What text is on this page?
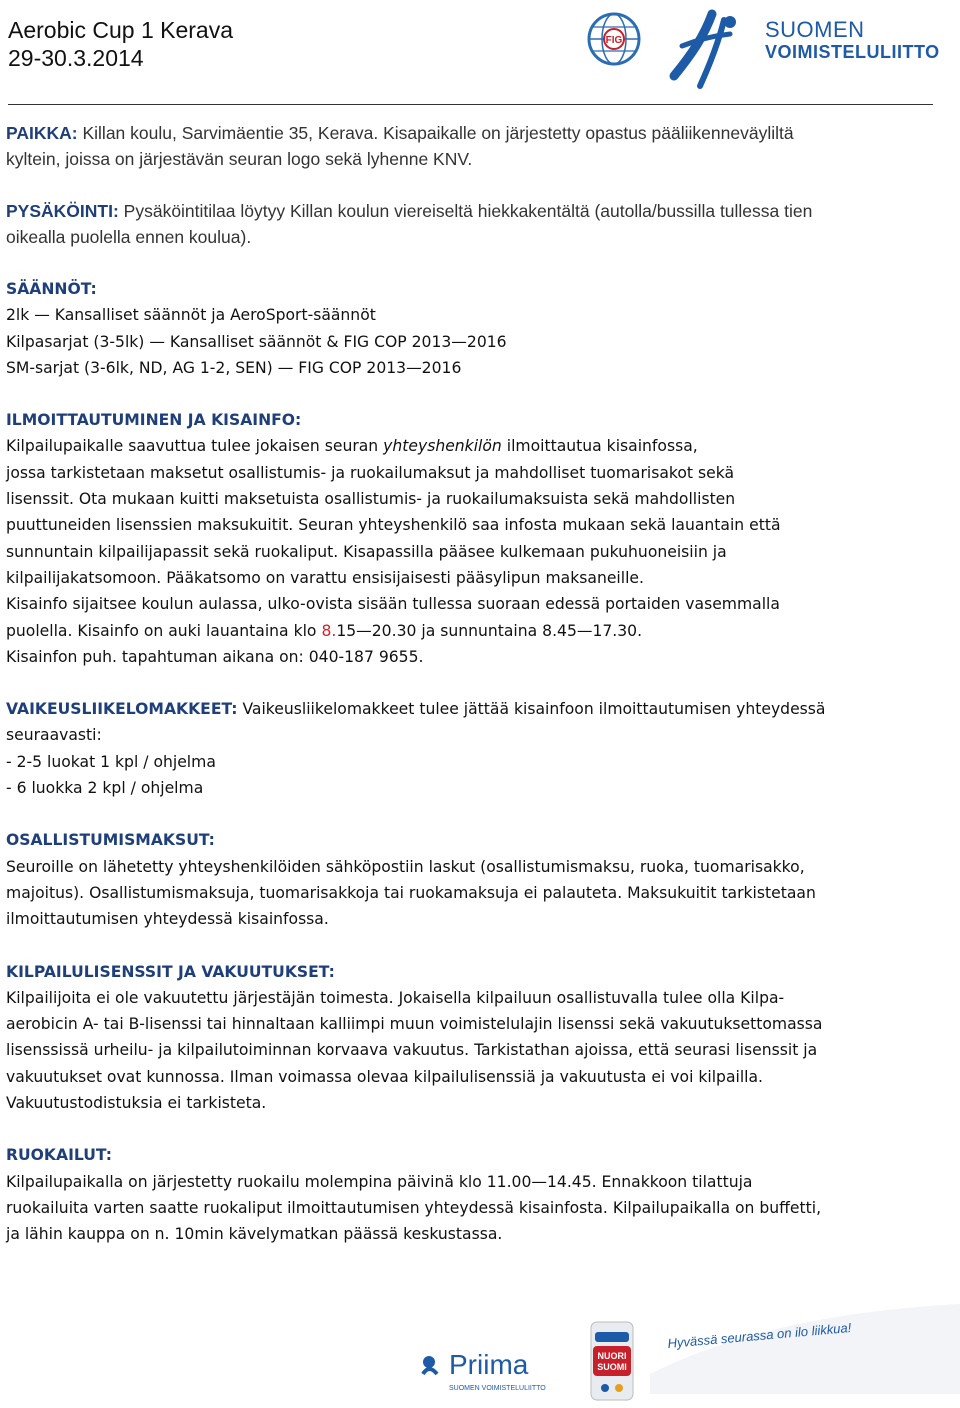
Aerobic Cup 1 Kerava
29-30.3.2014
FIG	SUOMEN
VOIMISTELULIITTO
PAIKKA: Killan koulu, Sarvimäentie 35, Kerava. Kisapaikalle on järjestetty opastus pääliikenneväyliltä
kyltein, joissa on järjestävän seuran logo sekä lyhenne KNV.
PYSÄKÖINTI: Pysäköintitilaa löytyy Killan koulun viereiseltä hiekkakentältä (autolla/bussilla tullessa tien
oikealla puolella ennen koulua).
SÄÄNNÖT:
2lk — Kansalliset säännöt ja AeroSport-säännöt
Kilpasarjat (3-5lk) — Kansalliset säännöt & FIG COP 2013—2016
SM-sarjat (3-6lk, ND, AG 1-2, SEN) — FIG COP 2013—2016
ILMOITTAUTUMINEN JA KISAINFO:
Kilpailupaikalle saavuttua tulee jokaisen seuran yhteyshenkilön ilmoittautua kisainfossa,
jossa tarkistetaan maksetut osallistumis- ja ruokailumaksut ja mahdolliset tuomarisakot sekä
lisenssit. Ota mukaan kuitti maksetuista osallistumis- ja ruokailumaksuista sekä mahdollisten
puuttuneiden lisenssien maksukuitit. Seuran yhteyshenkilö saa infosta mukaan sekä lauantain että
sunnuntain kilpailijapassit sekä ruokaliput. Kisapassilla pääsee kulkemaan pukuhuoneisiin ja
kilpailijakatsomoon. Pääkatsomo on varattu ensisijaisesti pääsylipun maksaneille.
Kisainfo sijaitsee koulun aulassa, ulko-ovista sisään tullessa suoraan edessä portaiden vasemmalla
puolella. Kisainfo on auki lauantaina klo 8.15—20.30 ja sunnuntaina 8.45—17.30.
Kisainfon puh. tapahtuman aikana on: 040-187 9655.
VAIKEUSLIIKELOMAKKEET: Vaikeusliikelomakkeet tulee jättää kisainfoon ilmoittautumisen yhteydessä
seuraavasti:
- 2-5 luokat 1 kpl / ohjelma
- 6 luokka 2 kpl / ohjelma
OSALLISTUMISMAKSUT:
Seuroille on lähetetty yhteyshenkilöiden sähköpostiin laskut (osallistumismaksu, ruoka, tuomarisakko,
majoitus). Osallistumismaksuja, tuomarisakkoja tai ruokamaksuja ei palauteta. Maksukuitit tarkistetaan
ilmoittautumisen yhteydessä kisainfossa.
KILPAILULISENSSIT JA VAKUUTUKSET:
Kilpailijoita ei ole vakuutettu järjestäjän toimesta. Jokaisella kilpailuun osallistuvalla tulee olla Kilpa-
aerobicin A- tai B-lisenssi tai hinnaltaan kalliimpi muun voimistelulajin lisenssi sekä vakuutuksettomassa
lisenssissä urheilu- ja kilpailutoiminnan korvaava vakuutus. Tarkistathan ajoissa, että seurasi lisenssit ja
vakuutukset ovat kunnossa. Ilman voimassa olevaa kilpailulisenssiä ja vakuutusta ei voi kilpailla.
Vakuutustodistuksia ei tarkisteta.
RUOKAILUT:
Kilpailupaikalla on järjestetty ruokailu molempina päivinä klo 11.00—14.45. Ennakkoon tilattuja
ruokailuita varten saatte ruokaliput ilmoittautumisen yhteydessä kisainfosta. Kilpailupaikalla on buffetti,
ja lähin kauppa on n. 10min kävelymatkan päässä keskustassa.
Priima
SUOMEN VOIMISTELULIITTO
NUORI
SUOMI
Hyvässä seurassa on ilo liikkua!
